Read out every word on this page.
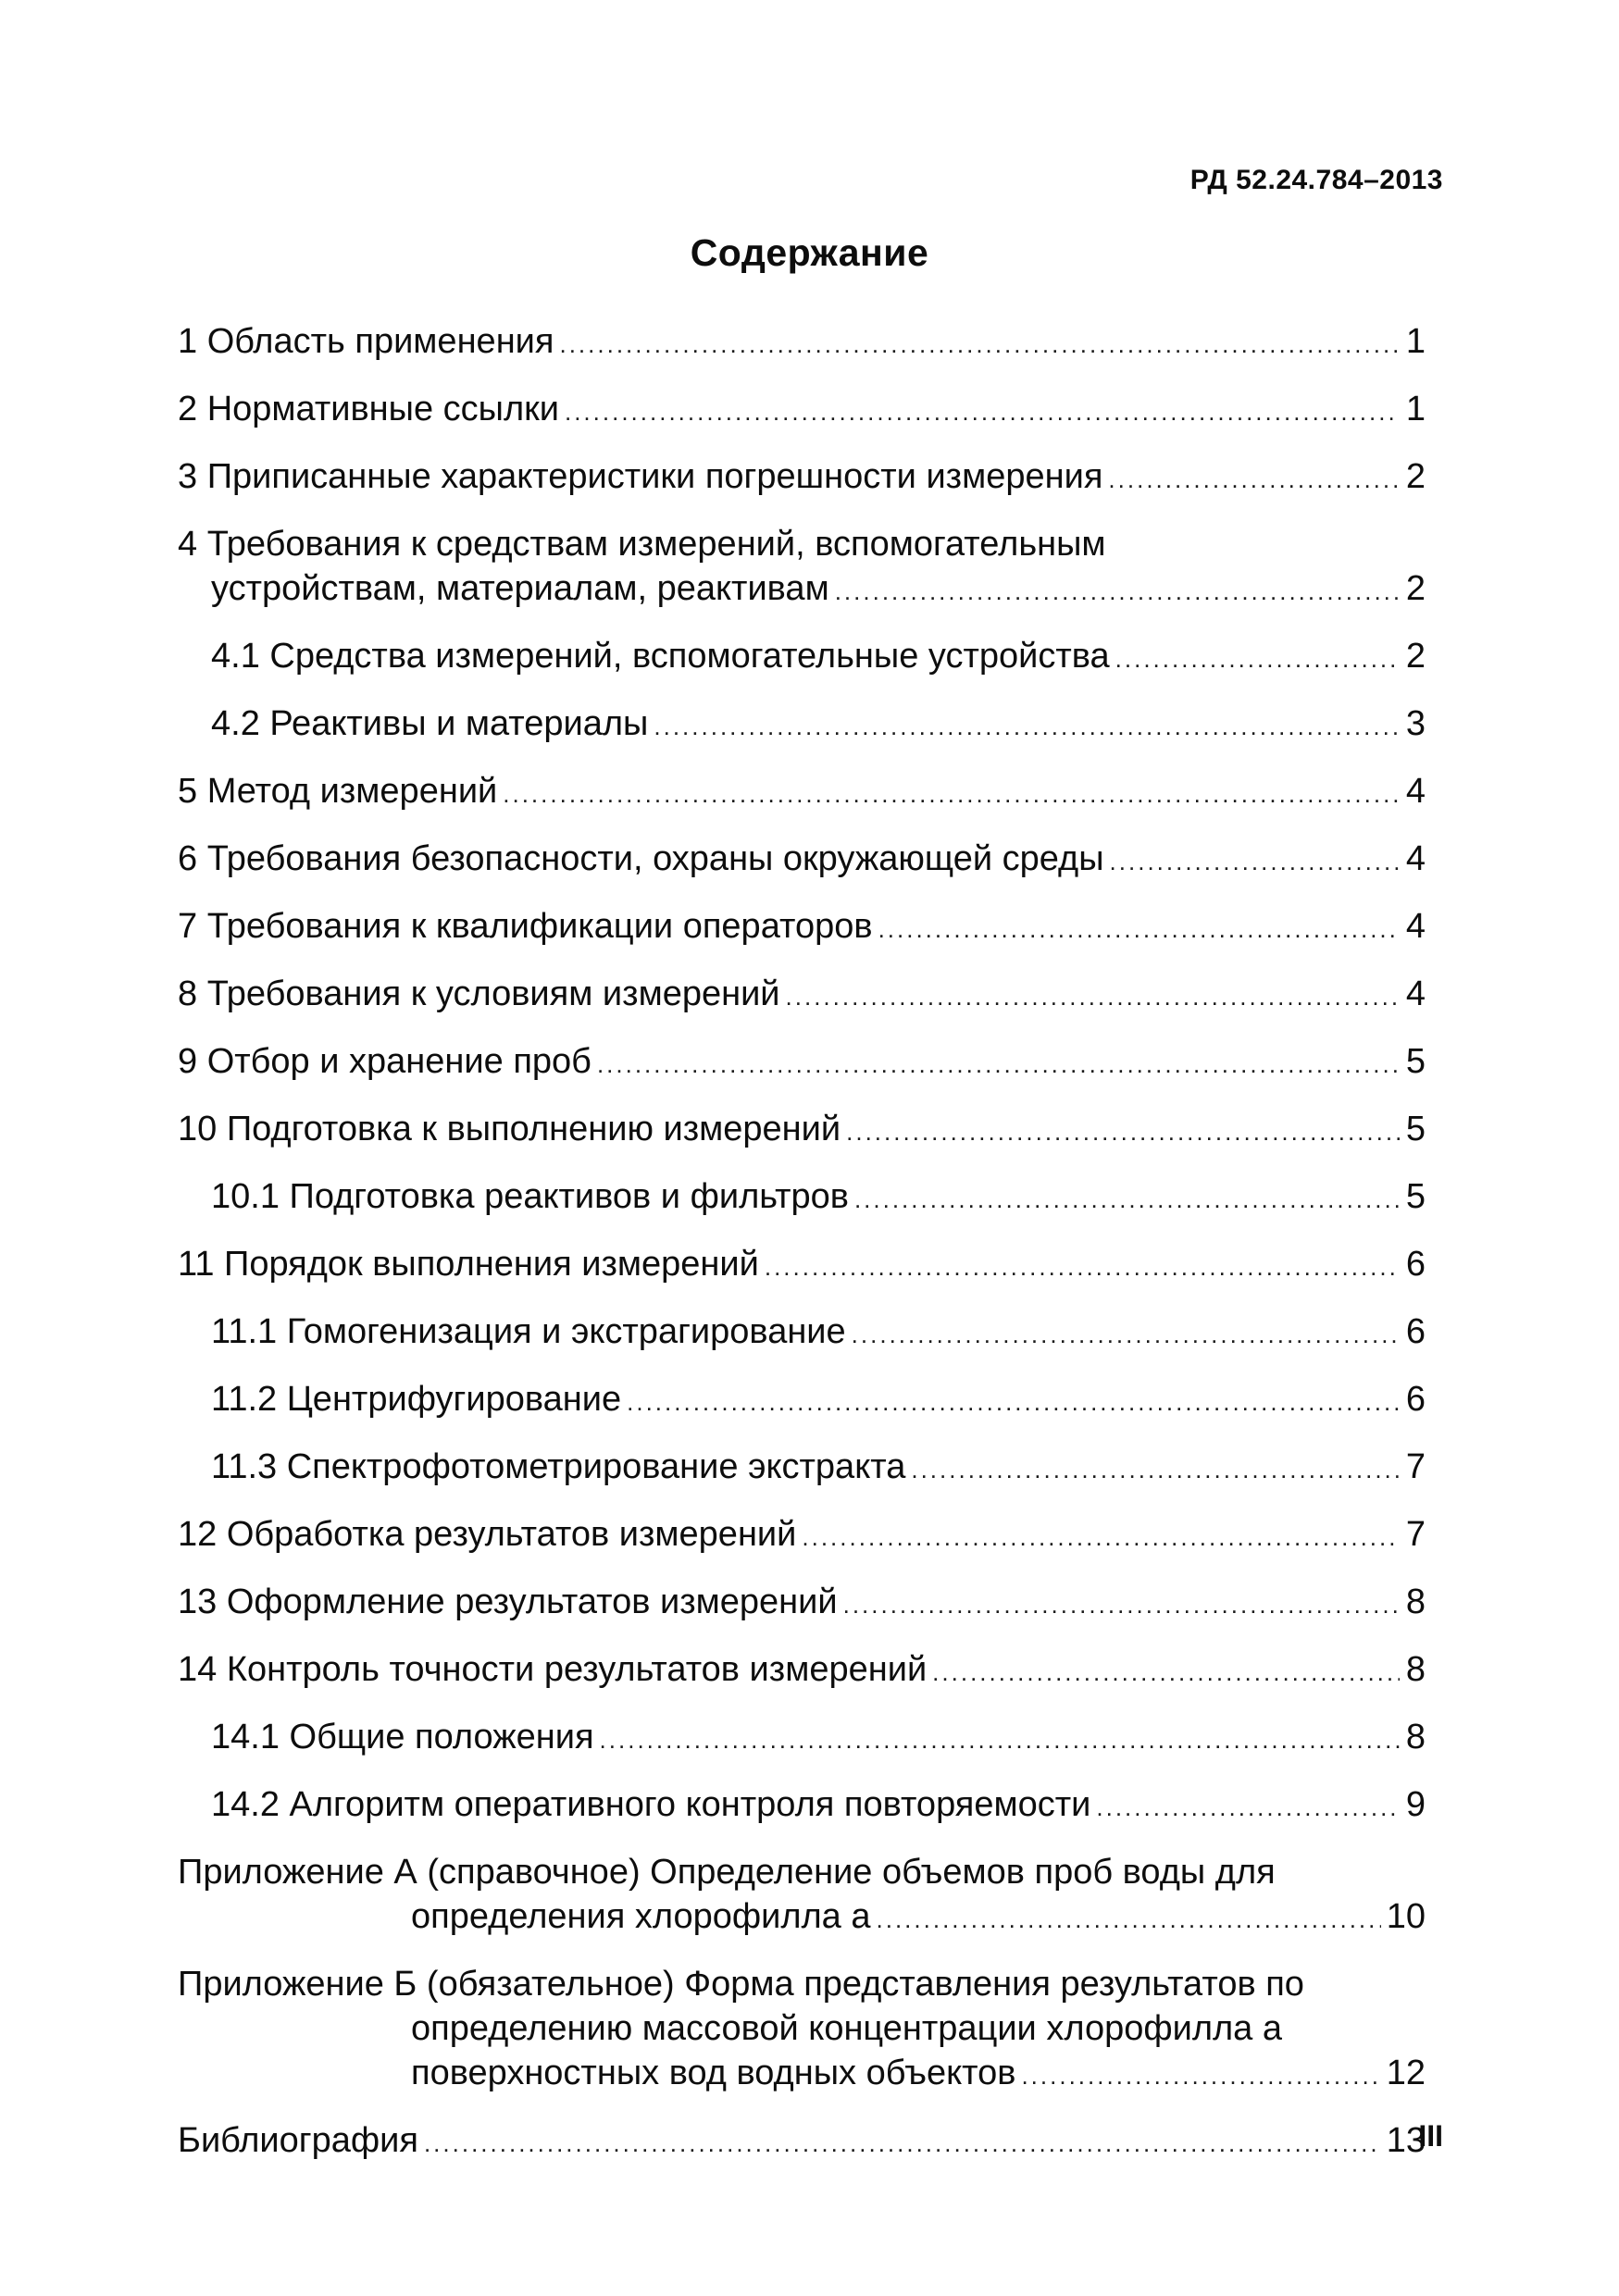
РД 52.24.784–2013
Содержание
1 Область применения .....	1
2 Нормативные ссылки .....	1
3 Приписанные характеристики погрешности измерения .....	2
4 Требования к средствам измерений, вспомогательным
устройствам, материалам, реактивам .....	2
4.1 Средства измерений, вспомогательные устройства .....	2
4.2 Реактивы и материалы .....	3
5 Метод измерений .....	4
6 Требования безопасности, охраны окружающей среды .....	4
7 Требования к квалификации операторов .....	4
8 Требования к условиям измерений .....	4
9 Отбор и хранение проб .....	5
10 Подготовка к выполнению измерений .....	5
10.1 Подготовка реактивов и фильтров .....	5
11 Порядок выполнения измерений .....	6
11.1 Гомогенизация и экстрагирование .....	6
11.2 Центрифугирование .....	6
11.3 Спектрофотометрирование экстракта .....	7
12 Обработка результатов измерений .....	7
13 Оформление результатов измерений .....	8
14 Контроль точности результатов измерений .....	8
14.1 Общие положения .....	8
14.2 Алгоритм оперативного контроля повторяемости .....	9
Приложение А (справочное) Определение объемов проб воды для
определения хлорофилла а .....	10
Приложение Б (обязательное) Форма представления результатов по
определению массовой концентрации хлорофилла а
поверхностных вод водных объектов .....	12
Библиография .....	13
III
